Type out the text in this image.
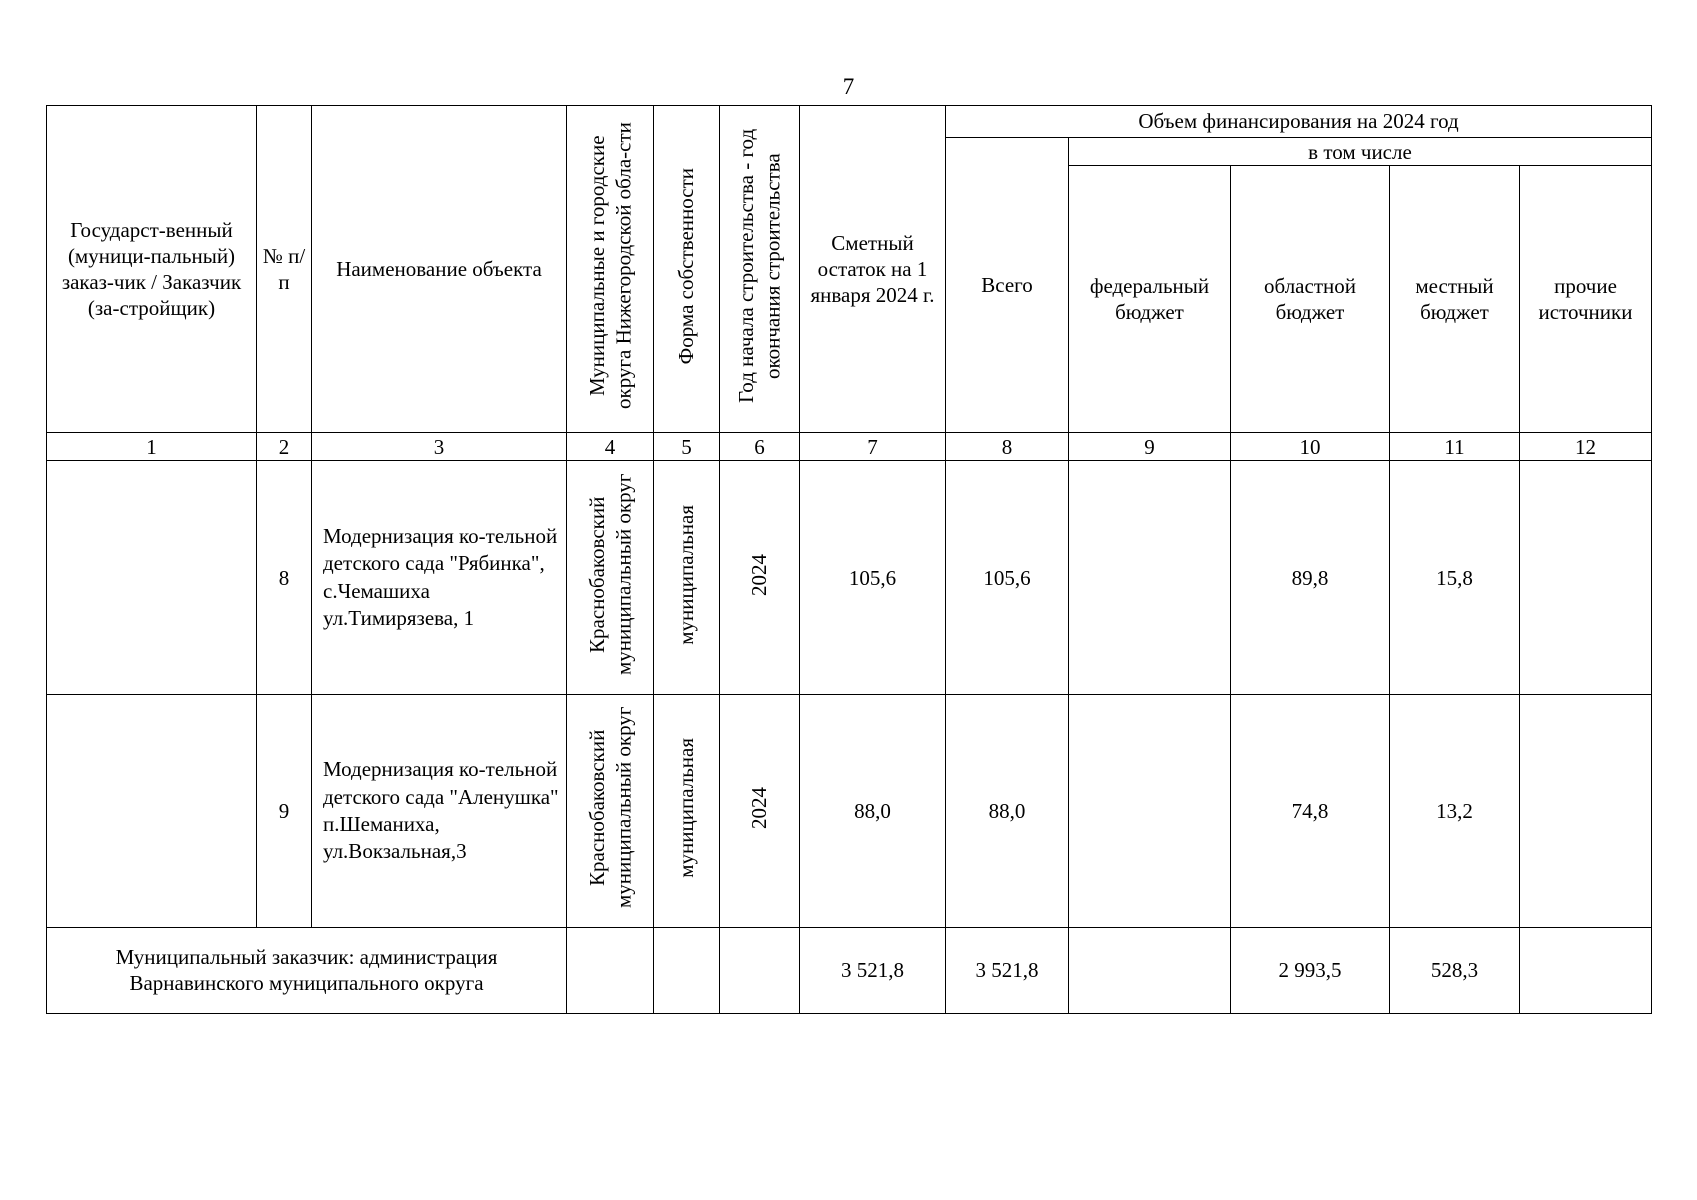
7
Государст-венный (муници-пальный) заказ-чик / Заказчик (за-стройщик)	№ п/п	Наименование объекта	Муниципальные и городские округа Нижегородской обла-сти	Форма собственности	Год начала строительства - год окончания строительства	Сметный остаток на 1 января 2024 г.	Объем финансирования на 2024 год				
							Всего	в том числе			
								федеральный бюджет	областной бюджет	местный бюджет	прочие источники
1	2	3	4	5	6	7	8	9	10	11	12
	8	Модернизация ко-тельной детского сада "Рябинка", с.Чемашиха ул.Тимирязева, 1	Краснобаковский муниципальный округ	муниципальная	2024	105,6	105,6		89,8	15,8	
	9	Модернизация ко-тельной детского сада "Аленушка" п.Шеманиха, ул.Вокзальная,3	Краснобаковский муниципальный округ	муниципальная	2024	88,0	88,0		74,8	13,2	
Муниципальный заказчик: администрация Варнавинского муниципального округа						3 521,8	3 521,8		2 993,5	528,3	
